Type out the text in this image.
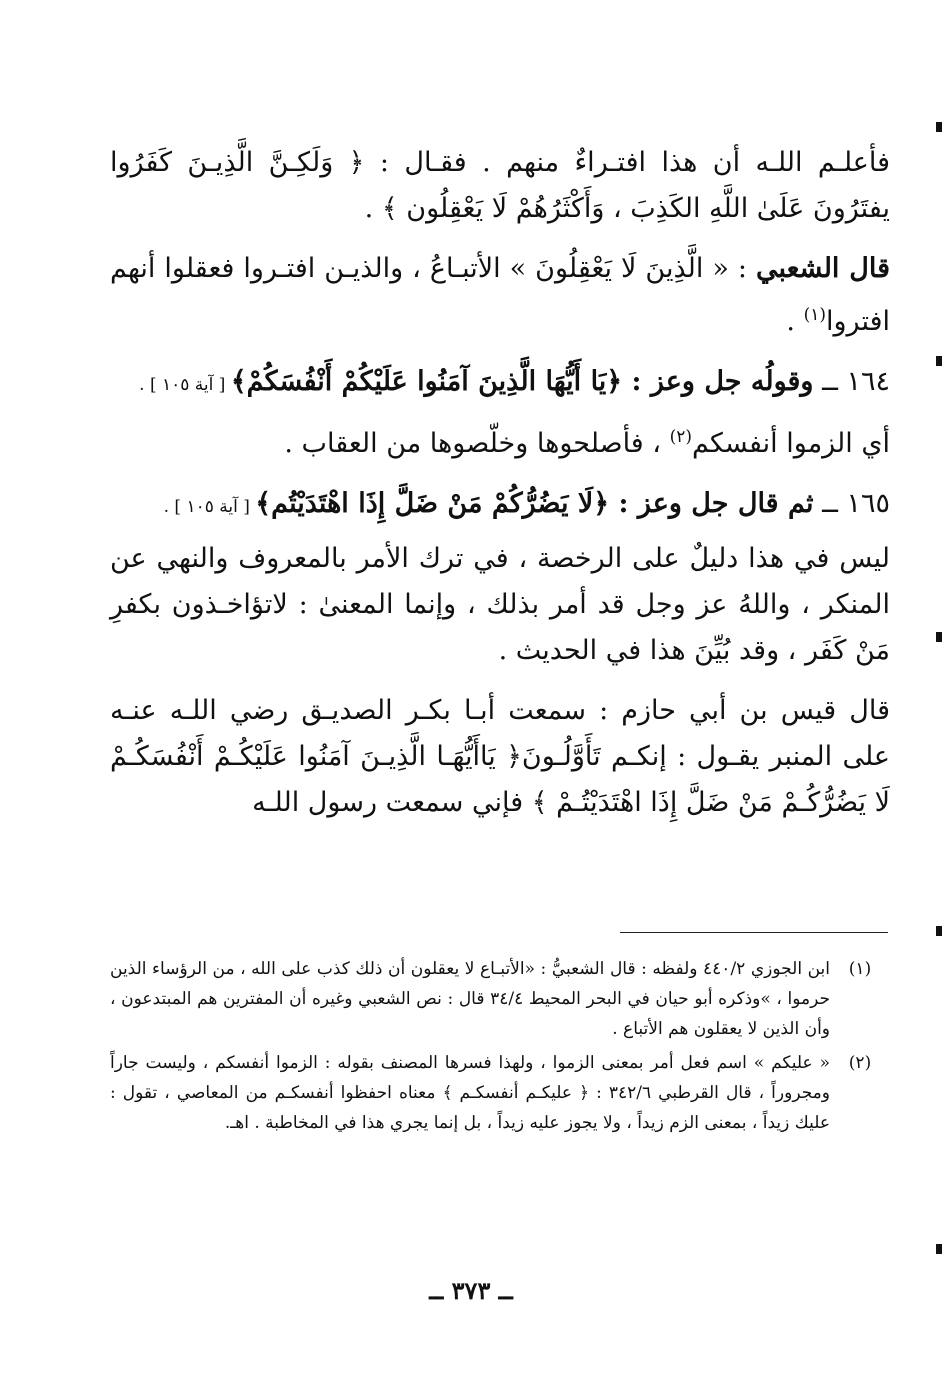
فأعلـم اللـه أن هذا افتـراءٌ منهم . فقـال : ﴿ وَلَكِـنَّ الَّذِيـنَ كَفَرُوا يفتَرُونَ عَلَىٰ اللَّهِ الكَذِبَ ، وَأَكْثَرُهُمْ لَا يَعْقِلُون ﴾ .

قال الشعبي : « الَّذِينَ لَا يَعْقِلُونَ » الأتبـاعُ ، والذيـن افتـروا فعقلوا أنهم افتروا$^{(١)}$ .

١٦٤ ــ وقولُه جل وعز : ﴿يَا أَيُّهَا الَّذِينَ آمَنُوا عَلَيْكُمْ أَنْفُسَكُمْ﴾ [ آية ١٠٥ ] .

أي الزموا أنفسكم$^{(٢)}$ ، فأصلحوها وخلّصوها من العقاب .

١٦٥ ــ ثم قال جل وعز : ﴿لَا يَضُرُّكُمْ مَنْ ضَلَّ إِذَا اهْتَدَيْتُم﴾ [ آية ١٠٥ ] .

ليس في هذا دليلٌ على الرخصة ، في ترك الأمر بالمعروف والنهي عن المنكر ، واللهُ عز وجل قد أمر بذلك ، وإنما المعنىٰ : لاتؤاخـذون بكفرِ مَنْ كَفَر ، وقد بُيِّنَ هذا في الحديث .

قال قيس بن أبي حازم : سمعت أبـا بكـر الصديـق رضي اللـه عنـه على المنبر يقـول : إنكـم تَأَوَّلُـونَ﴿ يَاأَيُّهَـا الَّذِيـنَ آمَنُوا عَلَيْكُـمْ أَنْفُسَكُـمْ لَا يَضُرُّكُـمْ مَنْ ضَلَّ إِذَا اهْتَدَيْتُـمْ ﴾ فإني سمعت رسول اللـه

(١)
ابن الجوزي ٤٤٠/٢ ولفظه : قال الشعبيُّ : «الأتبـاع لا يعقلون أن ذلك كذب على الله ، من الرؤساء الذين حرموا ، »وذكره أبو حيان في البحر المحيط ٣٤/٤ قال : نص الشعبي وغيره أن المفترين هم المبتدعون ، وأن الذين لا يعقلون هم الأتباع .
(٢)
« عليكم » اسم فعل أمر بمعنى الزموا ، ولهذا فسرها المصنف بقوله : الزموا أنفسكم ، وليست جاراً ومجروراً ، قال القرطبي ٣٤٢/٦ : ﴿ عليكـم أنفسكـم ﴾ معناه احفظوا أنفسكـم من المعاصي ، تقول : عليك زيداً ، بمعنى الزم زيداً ، ولا يجوز عليه زيداً ، بل إنما يجري هذا في المخاطبة . اهـ.
ــ ٣٧٣ ــ
